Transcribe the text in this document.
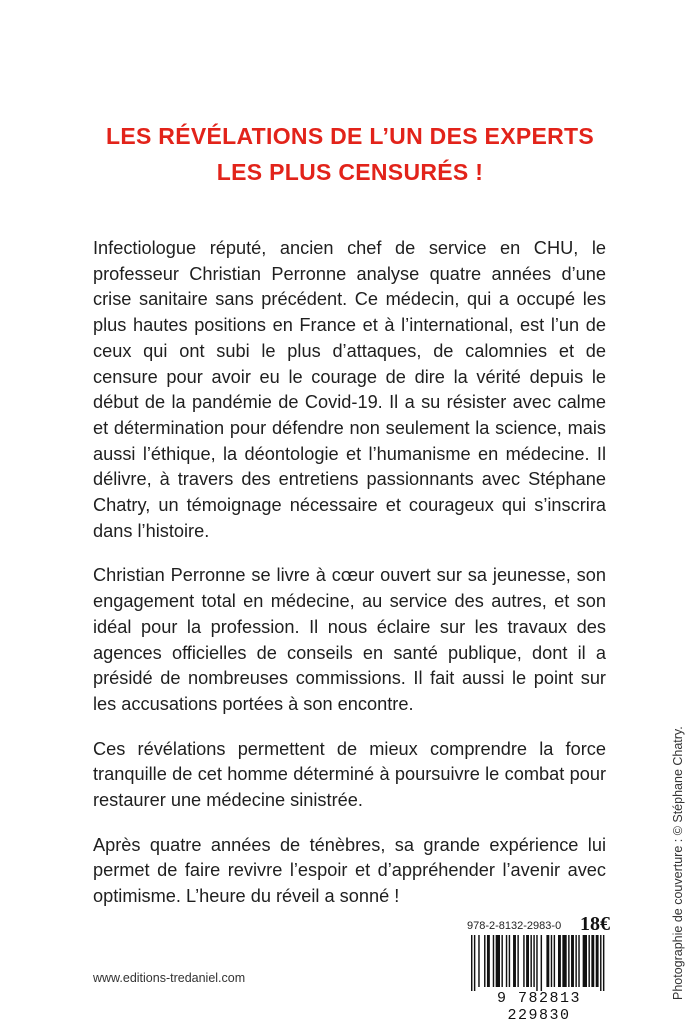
LES RÉVÉLATIONS DE L’UN DES EXPERTS
LES PLUS CENSURÉS !

Infectiologue réputé, ancien chef de service en CHU, le professeur Christian Perronne analyse quatre années d’une crise sanitaire sans précédent. Ce médecin, qui a occupé les plus hautes positions en France et à l’international, est l’un de ceux qui ont subi le plus d’attaques, de calomnies et de censure pour avoir eu le courage de dire la vérité depuis le début de la pandémie de Covid-19. Il a su résister avec calme et détermination pour défendre non seulement la science, mais aussi l’éthique, la déontologie et l’humanisme en médecine. Il délivre, à travers des entretiens passionnants avec Stéphane Chatry, un témoignage nécessaire et courageux qui s’inscrira dans l’histoire.

Christian Perronne se livre à cœur ouvert sur sa jeunesse, son engagement total en médecine, au service des autres, et son idéal pour la profession. Il nous éclaire sur les travaux des agences officielles de conseils en santé publique, dont il a présidé de nombreuses commissions. Il fait aussi le point sur les accusations portées à son encontre.

Ces révélations permettent de mieux comprendre la force tranquille de cet homme déterminé à poursuivre le combat pour restaurer une médecine sinistrée.

Après quatre années de ténèbres, sa grande expérience lui permet de faire revivre l’espoir et d’appréhender l’avenir avec optimisme. L’heure du réveil a sonné !	Photographie de couverture : © Stéphane Chatry.
www.editions-tredaniel.com
978-2-8132-2983-0 18€
9 782813 229830
